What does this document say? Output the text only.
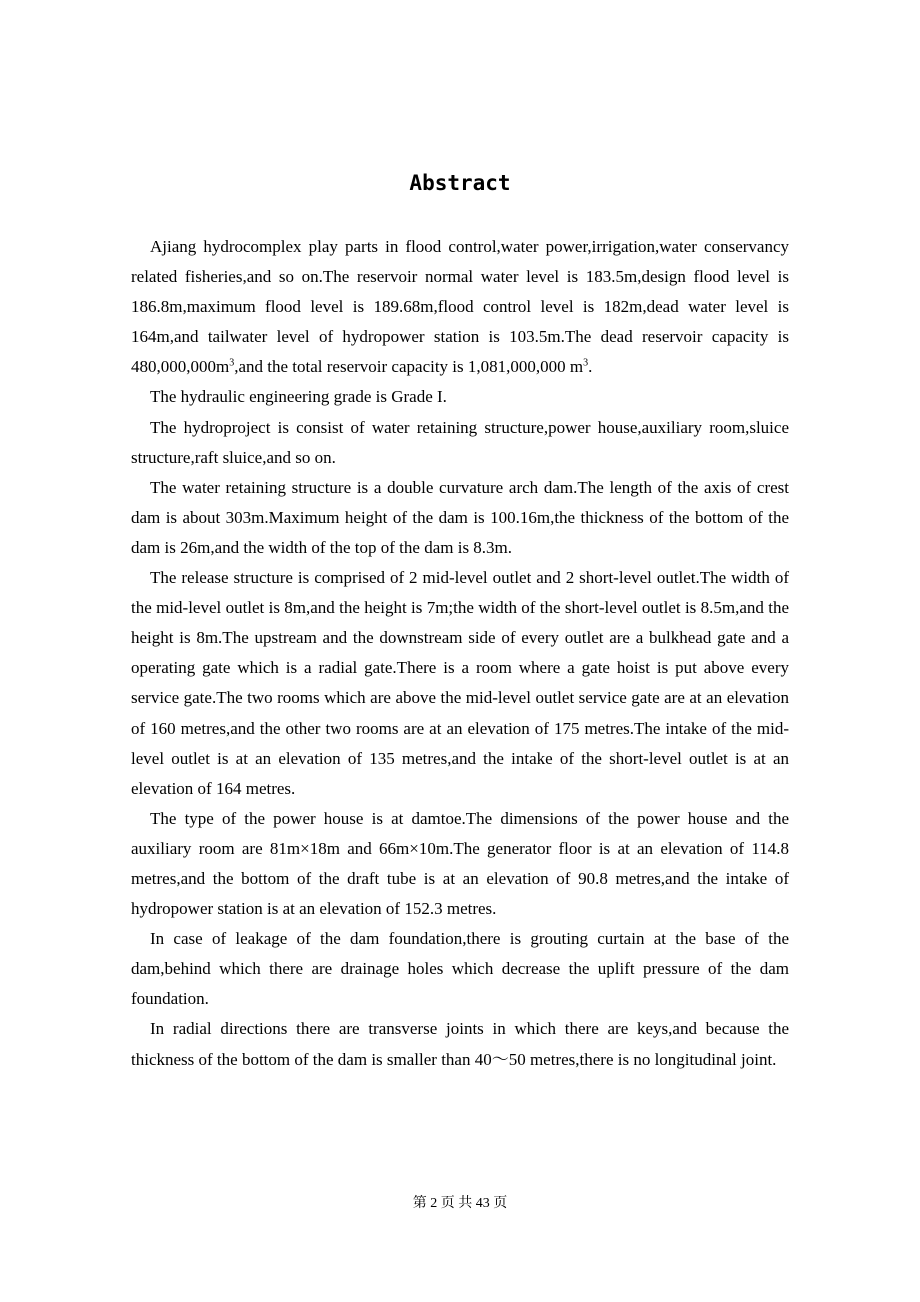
Abstract

Ajiang hydrocomplex play parts in flood control,water power,irrigation,water conservancy related fisheries,and so on.The reservoir normal water level is 183.5m,design flood level is 186.8m,maximum flood level is 189.68m,flood control level is 182m,dead water level is 164m,and tailwater level of hydropower station is 103.5m.The dead reservoir capacity is $480,000,000m^3,and$ the total reservoir capacity is 1,081,000,000 $m^3$.

The hydraulic engineering grade is Grade I.

The hydroproject is consist of water retaining structure,power house,auxiliary room,sluice structure,raft sluice,and so on.

The water retaining structure is a double curvature arch dam.The length of the axis of crest dam is about 303m.Maximum height of the dam is 100.16m,the thickness of the bottom of the dam is 26m,and the width of the top of the dam is 8.3m.

The release structure is comprised of 2 mid-level outlet and 2 short-level outlet.The width of the mid-level outlet is 8m,and the height is 7m;the width of the short-level outlet is 8.5m,and the height is 8m.The upstream and the downstream side of every outlet are a bulkhead gate and a operating gate which is a radial gate.There is a room where a gate hoist is put above every service gate.The two rooms which are above the mid-level outlet service gate are at an elevation of 160 metres,and the other two rooms are at an elevation of 175 metres.The intake of the mid-level outlet is at an elevation of 135 metres,and the intake of the short-level outlet is at an elevation of 164 metres.

The type of the power house is at damtoe.The dimensions of the power house and the auxiliary room are 81m×18m and 66m×10m.The generator floor is at an elevation of 114.8 metres,and the bottom of the draft tube is at an elevation of 90.8 metres,and the intake of hydropower station is at an elevation of 152.3 metres.

In case of leakage of the dam foundation,there is grouting curtain at the base of the dam,behind which there are drainage holes which decrease the uplift pressure of the dam foundation.

In radial directions there are transverse joints in which there are keys,and because the thickness of the bottom of the dam is smaller than 40～50 metres,there is no longitudinal joint.

第 2 页 共 43 页
